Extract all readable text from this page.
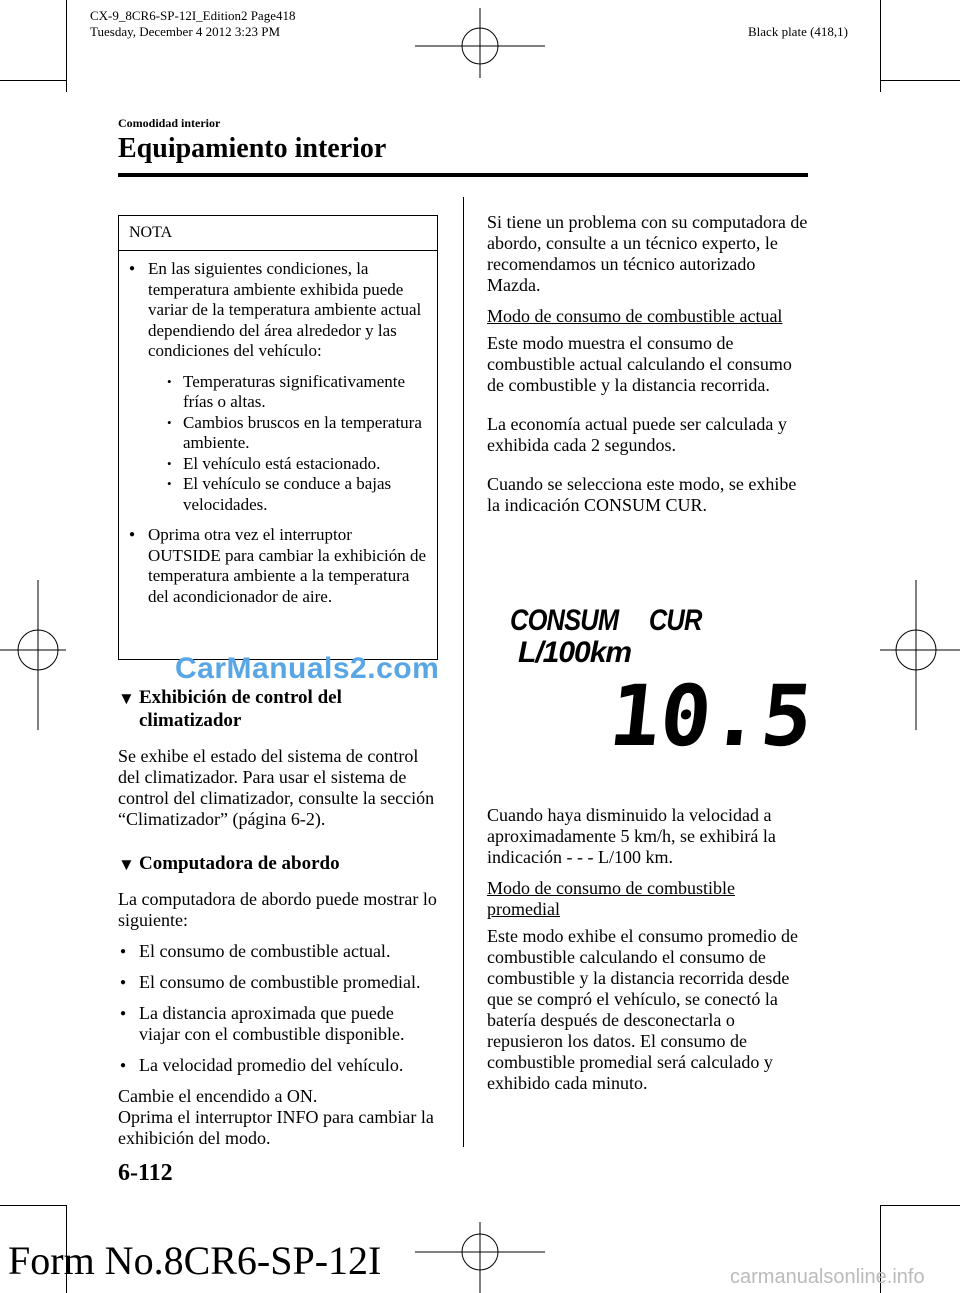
CX-9_8CR6-SP-12I_Edition2 Page418
Tuesday, December 4 2012 3:23 PM	Black plate (418,1)
Comodidad interior
Equipamiento interior
NOTA
● En las siguientes condiciones, la temperatura ambiente exhibida puede variar de la temperatura ambiente actual dependiendo del área alrededor y las condiciones del vehículo:
• Temperaturas significativamente frías o altas.
• Cambios bruscos en la temperatura ambiente.
• El vehículo está estacionado.
• El vehículo se conduce a bajas velocidades.
● Oprima otra vez el interruptor OUTSIDE para cambiar la exhibición de temperatura ambiente a la temperatura del acondicionador de aire.
▼ Exhibición de control del climatizador

Se exhibe el estado del sistema de control del climatizador. Para usar el sistema de control del climatizador, consulte la sección “Climatizador” (página 6-2).

▼ Computadora de abordo

La computadora de abordo puede mostrar lo siguiente:

● El consumo de combustible actual.
● El consumo de combustible promedial.
● La distancia aproximada que puede viajar con el combustible disponible.
● La velocidad promedio del vehículo.
Cambie el encendido a ON.
Oprima el interruptor INFO para cambiar la exhibición del modo.

Si tiene un problema con su computadora de abordo, consulte a un técnico experto, le recomendamos un técnico autorizado Mazda.

Modo de consumo de combustible actual

Este modo muestra el consumo de combustible actual calculando el consumo de combustible y la distancia recorrida.

La economía actual puede ser calculada y exhibida cada 2 segundos.

Cuando se selecciona este modo, se exhibe la indicación CONSUM CUR.

CONSUM CUR
L/100km
10.5

Cuando haya disminuido la velocidad a aproximadamente 5 km/h, se exhibirá la indicación - - - L/100 km.

Modo de consumo de combustible promedial

Este modo exhibe el consumo promedio de combustible calculando el consumo de combustible y la distancia recorrida desde que se compró el vehículo, se conectó la batería después de desconectarla o repusieron los datos. El consumo de combustible promedial será calculado y exhibido cada minuto.

6-112
Form No.8CR6-SP-12I
CarManuals2.com
carmanualsonline.info
